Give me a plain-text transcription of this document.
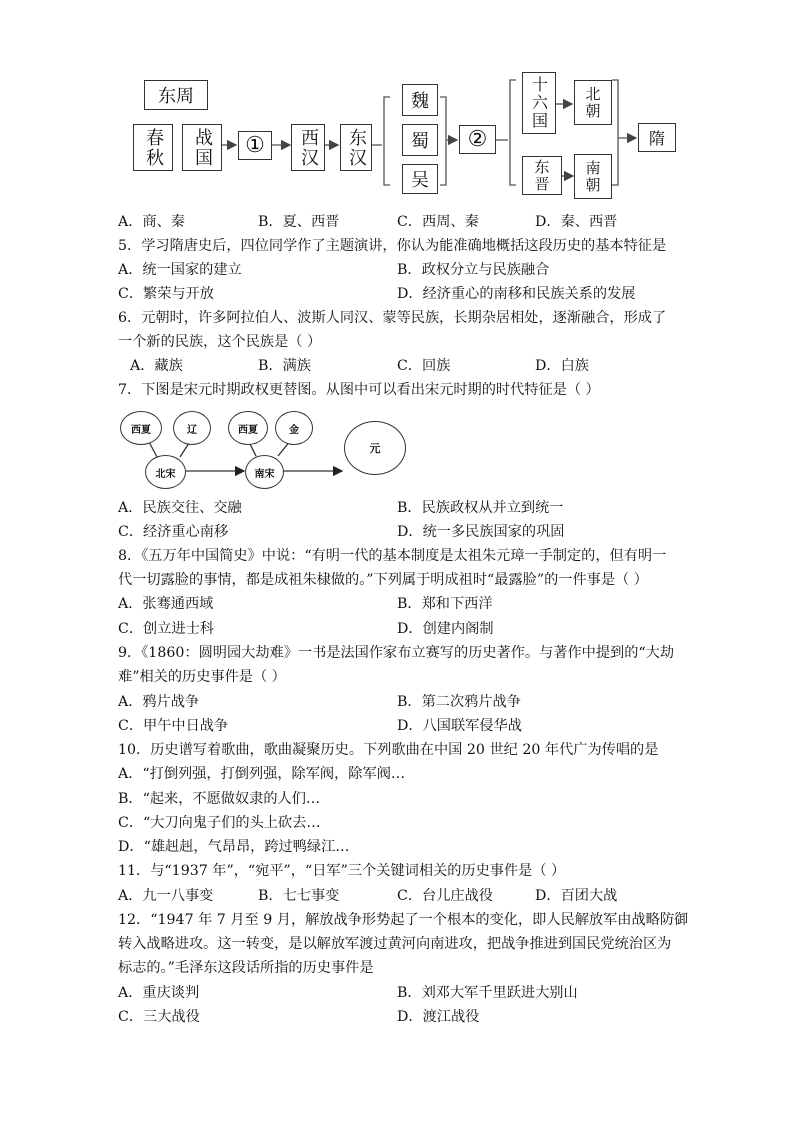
东周
春秋	战国	①	西汉	东汉
魏
蜀
吴
②
十六国
东晋
北朝
南朝
隋
A．商、秦	B．夏、西晋	C．西周、秦	D．秦、西晋
5．学习隋唐史后，四位同学作了主题演讲，你认为能准确地概括这段历史的基本特征是
A．统一国家的建立	B．政权分立与民族融合
C．繁荣与开放	D．经济重心的南移和民族关系的发展
6．元朝时，许多阿拉伯人、波斯人同汉、蒙等民族，长期杂居相处，逐渐融合，形成了
一个新的民族，这个民族是（ ）
A．藏族	B．满族	C．回族	D．白族
7．下图是宋元时期政权更替图。从图中可以看出宋元时期的时代特征是（ ）
西夏	辽
北宋
西夏	金
南宋
元
A．民族交往、交融	B．民族政权从并立到统一
C．经济重心南移	D．统一多民族国家的巩固
8．《五万年中国简史》中说：“有明一代的基本制度是太祖朱元璋一手制定的，但有明一
代一切露脸的事情，都是成祖朱棣做的。”下列属于明成祖时“最露脸”的一件事是（ ）
A．张骞通西域	B．郑和下西洋
C．创立进士科	D．创建内阁制
9．《1860：圆明园大劫难》一书是法国作家布立赛写的历史著作。与著作中提到的“大劫
难”相关的历史事件是（ ）
A．鸦片战争	B．第二次鸦片战争
C．甲午中日战争	D．八国联军侵华战
10．历史谱写着歌曲，歌曲凝聚历史。下列歌曲在中国 20 世纪 20 年代广为传唱的是
A．“打倒列强，打倒列强，除军阀，除军阀…
B．“起来，不愿做奴隶的人们…
C．“大刀向鬼子们的头上砍去…
D．“雄赳赳，气昂昂，跨过鸭绿江…
11．与“1937 年”，“宛平”，“日军”三个关键词相关的历史事件是（ ）
A．九一八事变	B．七七事变	C．台儿庄战役	D．百团大战
12．“1947 年 7 月至 9 月，解放战争形势起了一个根本的变化，即人民解放军由战略防御
转入战略进攻。这一转变，是以解放军渡过黄河向南进攻，把战争推进到国民党统治区为
标志的。”毛泽东这段话所指的历史事件是
A．重庆谈判	B．刘邓大军千里跃进大别山
C．三大战役	D．渡江战役
